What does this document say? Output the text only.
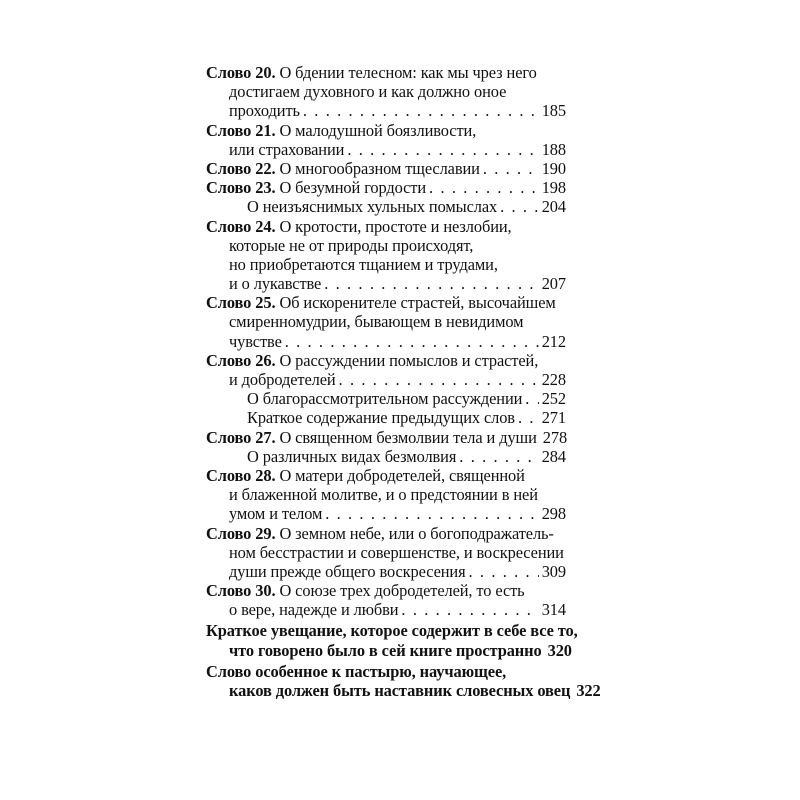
Слово 20. О бдении телесном: как мы чрез него
достигаем духовного и как должно оное
проходить . . .	185
Слово 21. О малодушной боязливости,
или страховании . . .	188
Слово 22. О многообразном тщеславии . . .	190
Слово 23. О безумной гордости . . .	198
О неизъяснимых хульных помыслах . . .	204
Слово 24. О кротости, простоте и незлобии,
которые не от природы происходят,
но приобретаются тщанием и трудами,
и о лукавстве . . .	207
Слово 25. Об искоренителе страстей, высочайшем
смиренномудрии, бывающем в невидимом
чувстве . . .	212
Слово 26. О рассуждении помыслов и страстей,
и добродетелей . . .	228
О благорассмотрительном рассуждении . . . 252
Краткое содержание предыдущих слов . . . 271
Слово 27. О священном безмолвии тела и души 278
О различных видах безмолвия . . .	284
Слово 28. О матери добродетелей, священной
и блаженной молитве, и о предстоянии в ней
умом и телом . . .	298
Слово 29. О земном небе, или о богоподражатель-
ном бесстрастии и совершенстве, и воскресении
души прежде общего воскресения . . .	309
Слово 30. О союзе трех добродетелей, то есть
о вере, надежде и любви . . .	314
Краткое увещание, которое содержит в себе все то,
что говорено было в сей книге пространно 320
Слово особенное к пастырю, научающее,
каков должен быть наставник словесных овец 322
